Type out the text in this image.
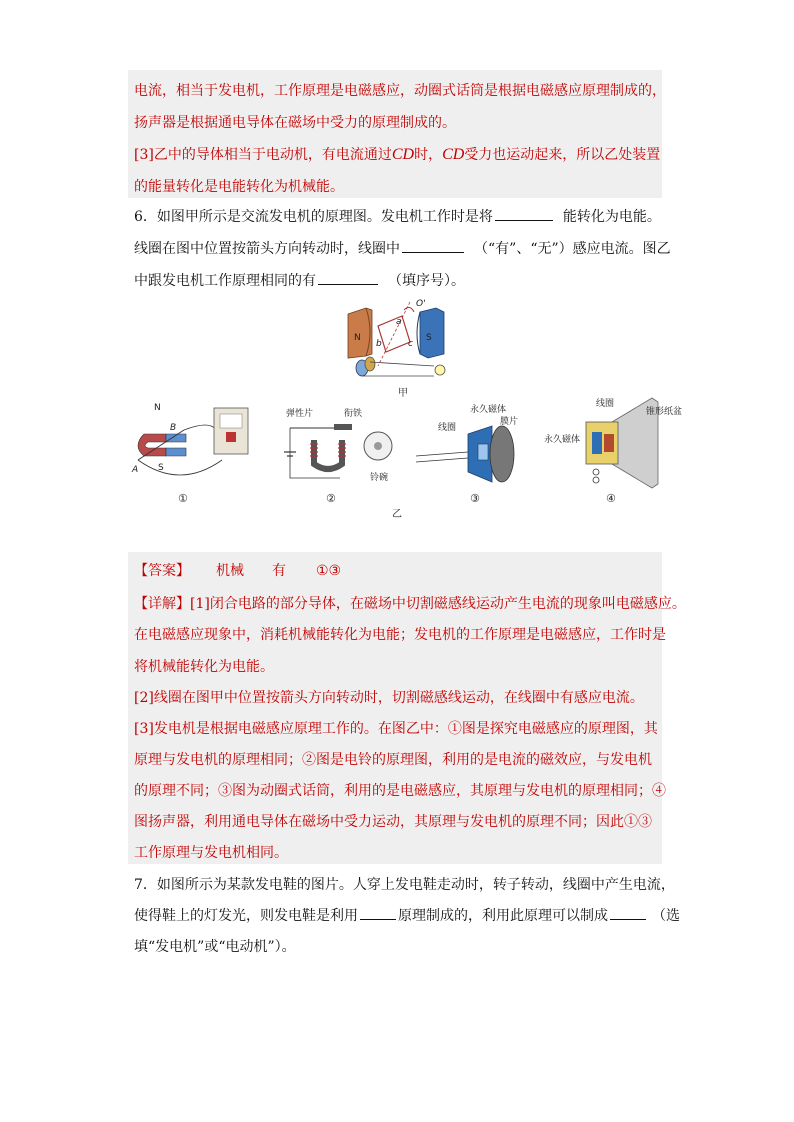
电流，相当于发电机，工作原理是电磁感应，动圈式话筒是根据电磁感应原理制成的，
扬声器是根据通电导体在磁场中受力的原理制成的。
[3]乙中的导体相当于电动机，有电流通过CD时，CD受力也运动起来，所以乙处装置
的能量转化是电能转化为机械能。
6．如图甲所示是交流发电机的原理图。发电机工作时是将	能转化为电能。
线圈在图中位置按箭头方向转动时，线圈中	（“有”、“无”）感应电流。图乙
中跟发电机工作原理相同的有	（填序号）。
N	S
a
b	c
O'
甲
N
S
A
B
弹性片	衔铁
铃碗
永久磁体
线圈
膜片
线圈
锥形纸盆
永久磁体
①	②	③	④
乙
【答案】 机械 有 ①③
【详解】[1]闭合电路的部分导体，在磁场中切割磁感线运动产生电流的现象叫电磁感应。
在电磁感应现象中，消耗机械能转化为电能；发电机的工作原理是电磁感应，工作时是
将机械能转化为电能。
[2]线圈在图甲中位置按箭头方向转动时，切割磁感线运动，在线圈中有感应电流。
[3]发电机是根据电磁感应原理工作的。在图乙中：①图是探究电磁感应的原理图，其
原理与发电机的原理相同；②图是电铃的原理图，利用的是电流的磁效应，与发电机
的原理不同；③图为动圈式话筒，利用的是电磁感应，其原理与发电机的原理相同；④
图扬声器，利用通电导体在磁场中受力运动，其原理与发电机的原理不同；因此①③
工作原理与发电机相同。
7．如图所示为某款发电鞋的图片。人穿上发电鞋走动时，转子转动，线圈中产生电流，
使得鞋上的灯发光，则发电鞋是利用	原理制成的，利用此原理可以制成	（选
填“发电机”或“电动机”）。
